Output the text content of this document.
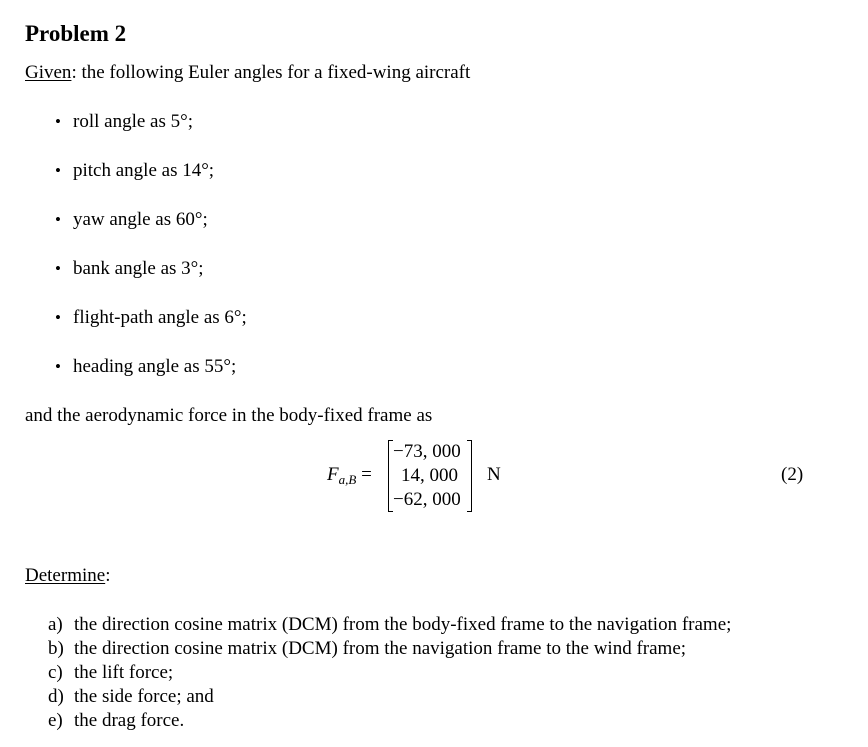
Problem 2
Given: the following Euler angles for a fixed-wing aircraft
• roll angle as 5°;
• pitch angle as 14°;
• yaw angle as 60°;
• bank angle as 3°;
• flight-path angle as 6°;
• heading angle as 55°;
and the aerodynamic force in the body-fixed frame as
$F_{a,B}$ =
−73, 000
14, 000
−62, 000
N	(2)
Determine:
a) the direction cosine matrix (DCM) from the body-fixed frame to the navigation frame;
b) the direction cosine matrix (DCM) from the navigation frame to the wind frame;
c) the lift force;
d) the side force; and
e) the drag force.
